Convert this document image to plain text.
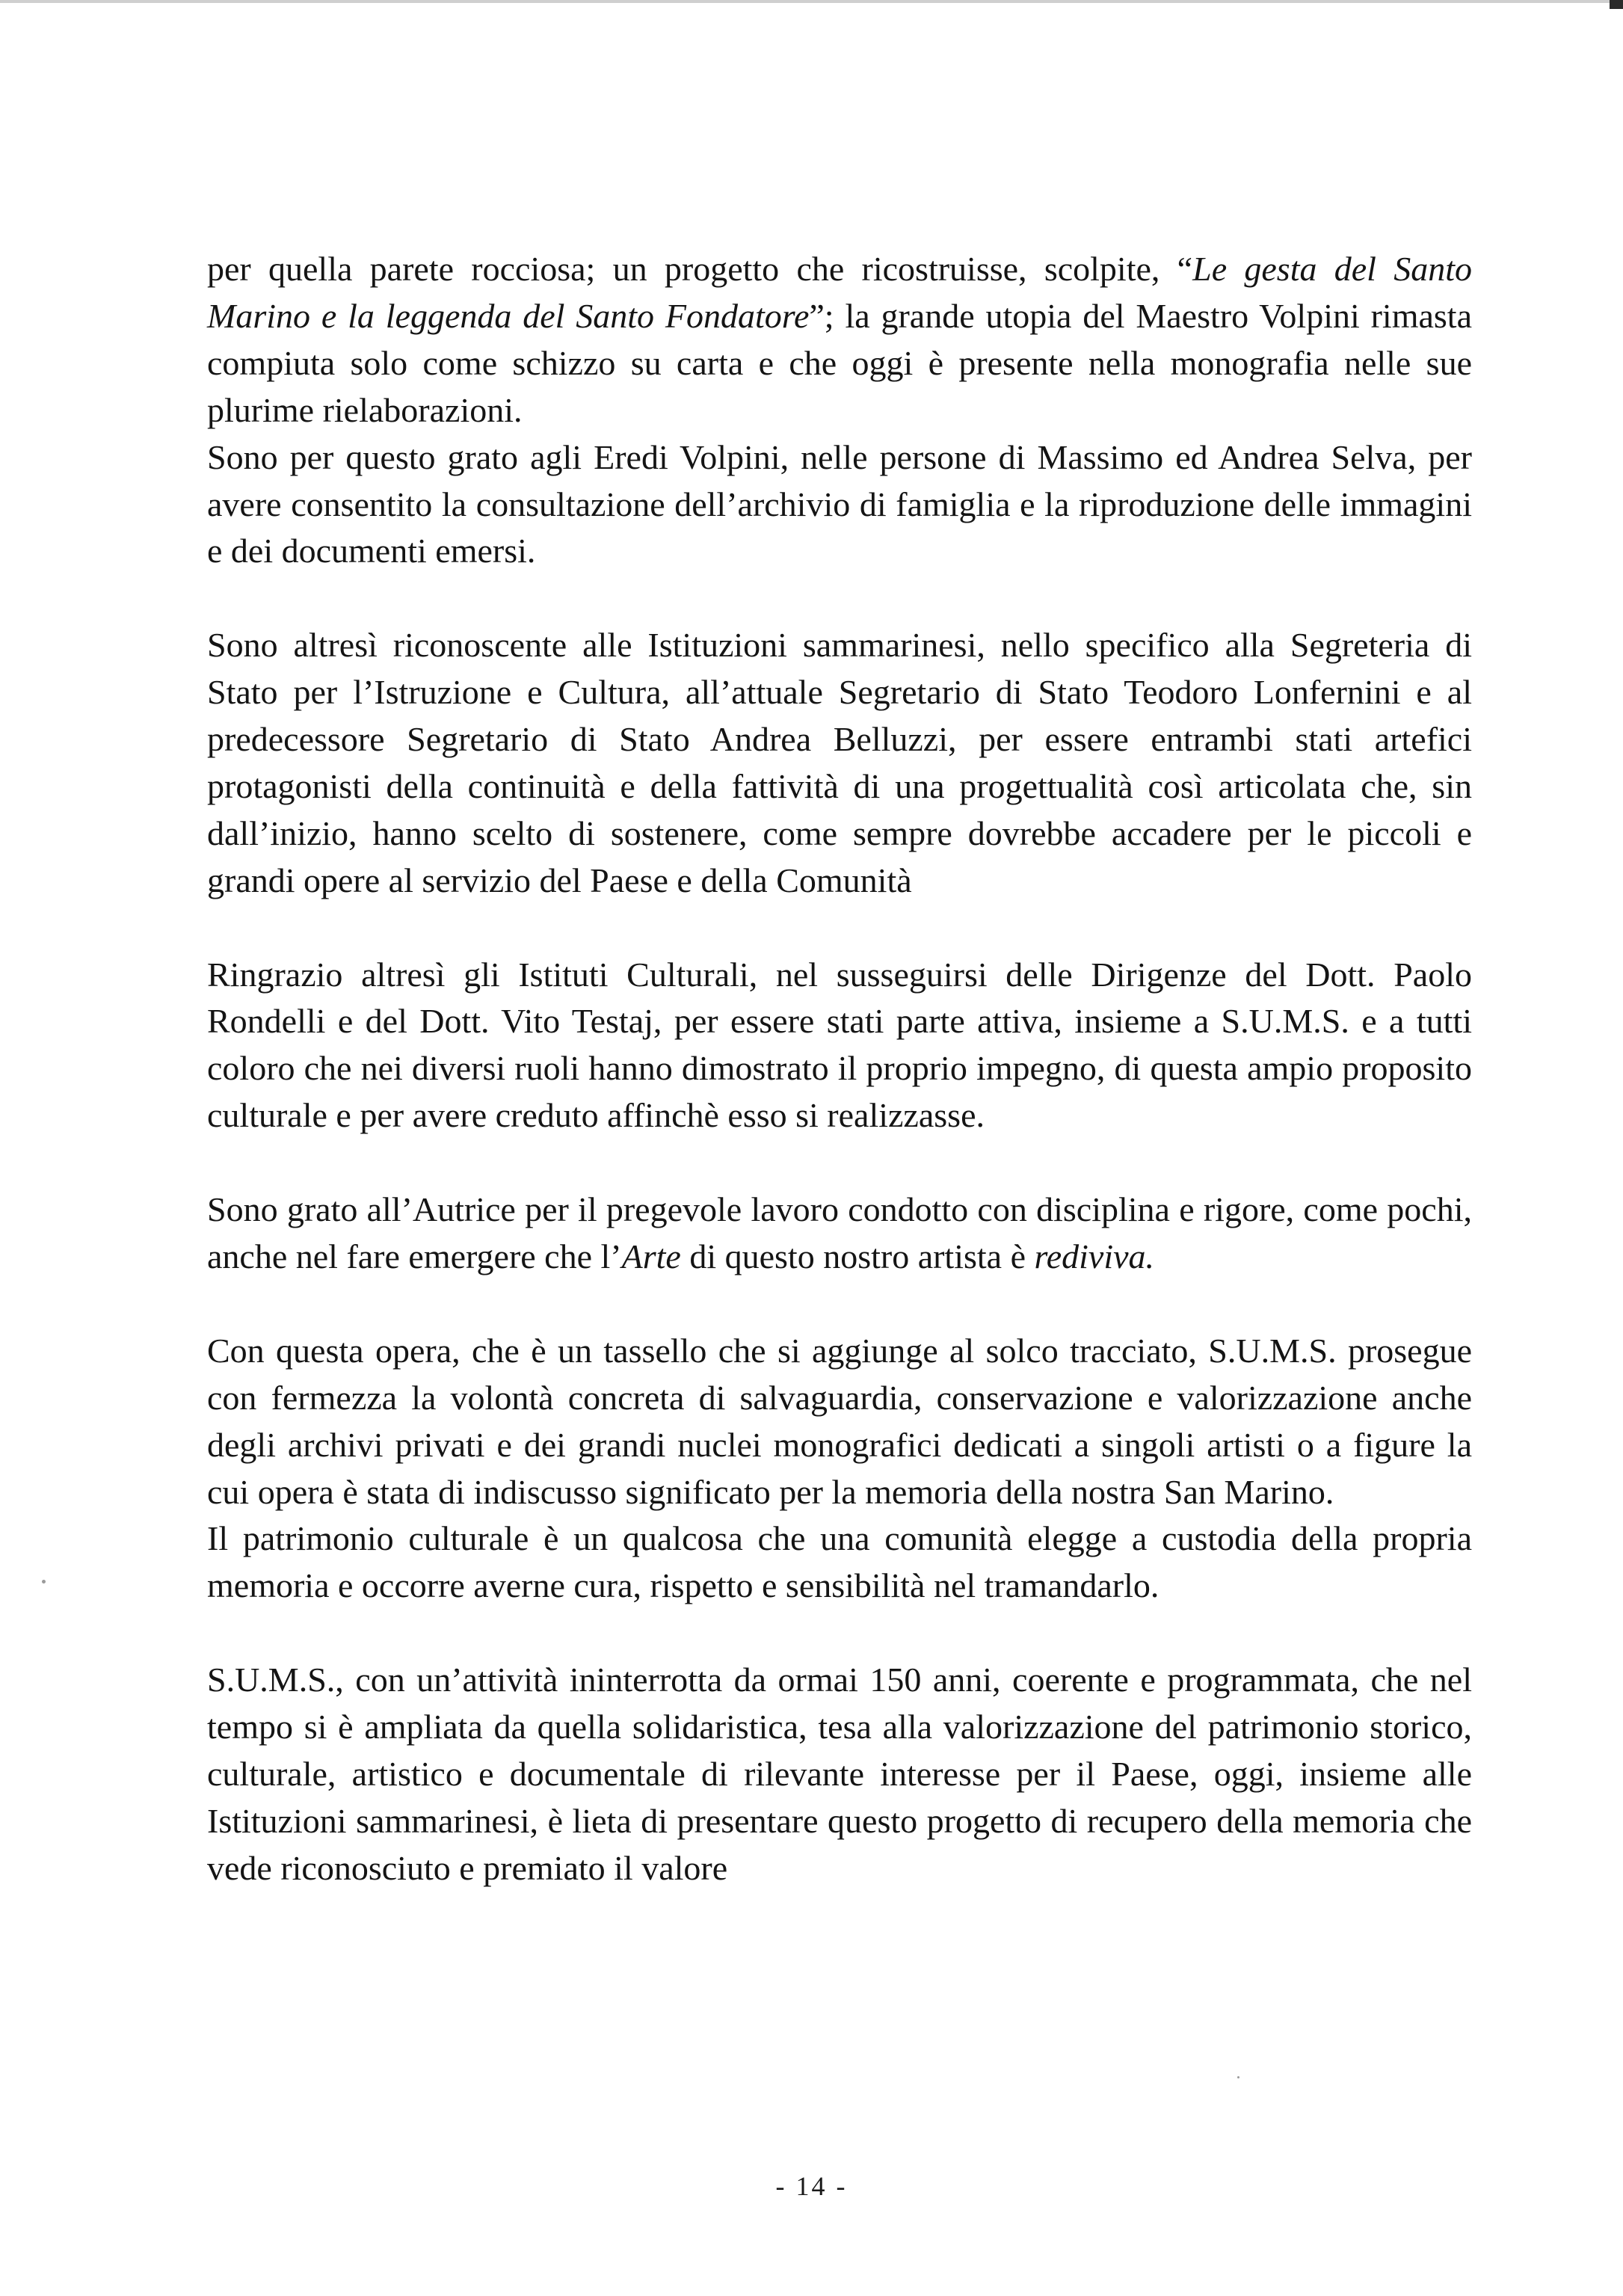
per quella parete rocciosa; un progetto che ricostruisse, scolpite, “Le gesta del Santo Marino e la leggenda del Santo Fondatore”; la grande utopia del Maestro Volpini rimasta compiuta solo come schizzo su carta e che oggi è presente nella monografia nelle sue plurime rielaborazioni.

Sono per questo grato agli Eredi Volpini, nelle persone di Massimo ed Andrea Selva, per avere consentito la consultazione dell’archivio di famiglia e la riproduzione delle immagini e dei documenti emersi.

Sono altresì riconoscente alle Istituzioni sammarinesi, nello specifico alla Segreteria di Stato per l’Istruzione e Cultura, all’attuale Segretario di Stato Teodoro Lonfernini e al predecessore Segretario di Stato Andrea Belluzzi, per essere entrambi stati artefici protagonisti della continuità e della fattività di una progettualità così articolata che, sin dall’inizio, hanno scelto di sostenere, come sempre dovrebbe accadere per le piccoli e grandi opere al servizio del Paese e della Comunità

Ringrazio altresì gli Istituti Culturali, nel susseguirsi delle Dirigenze del Dott. Paolo Rondelli e del Dott. Vito Testaj, per essere stati parte attiva, insieme a S.U.M.S. e a tutti coloro che nei diversi ruoli hanno dimostrato il proprio impegno, di questa ampio proposito culturale e per avere creduto affinchè esso si realizzasse.

Sono grato all’Autrice per il pregevole lavoro condotto con disciplina e rigore, come pochi, anche nel fare emergere che l’Arte di questo nostro artista è rediviva.

Con questa opera, che è un tassello che si aggiunge al solco tracciato, S.U.M.S. prosegue con fermezza la volontà concreta di salvaguardia, conservazione e valorizzazione anche degli archivi privati e dei grandi nuclei monografici dedicati a singoli artisti o a figure la cui opera è stata di indiscusso significato per la memoria della nostra San Marino.

Il patrimonio culturale è un qualcosa che una comunità elegge a custodia della propria memoria e occorre averne cura, rispetto e sensibilità nel tramandarlo.

S.U.M.S., con un’attività ininterrotta da ormai 150 anni, coerente e programmata, che nel tempo si è ampliata da quella solidaristica, tesa alla valorizzazione del patrimonio storico, culturale, artistico e documentale di rilevante interesse per il Paese, oggi, insieme alle Istituzioni sammarinesi, è lieta di presentare questo progetto di recupero della memoria che vede riconosciuto e premiato il valore

- 14 -
